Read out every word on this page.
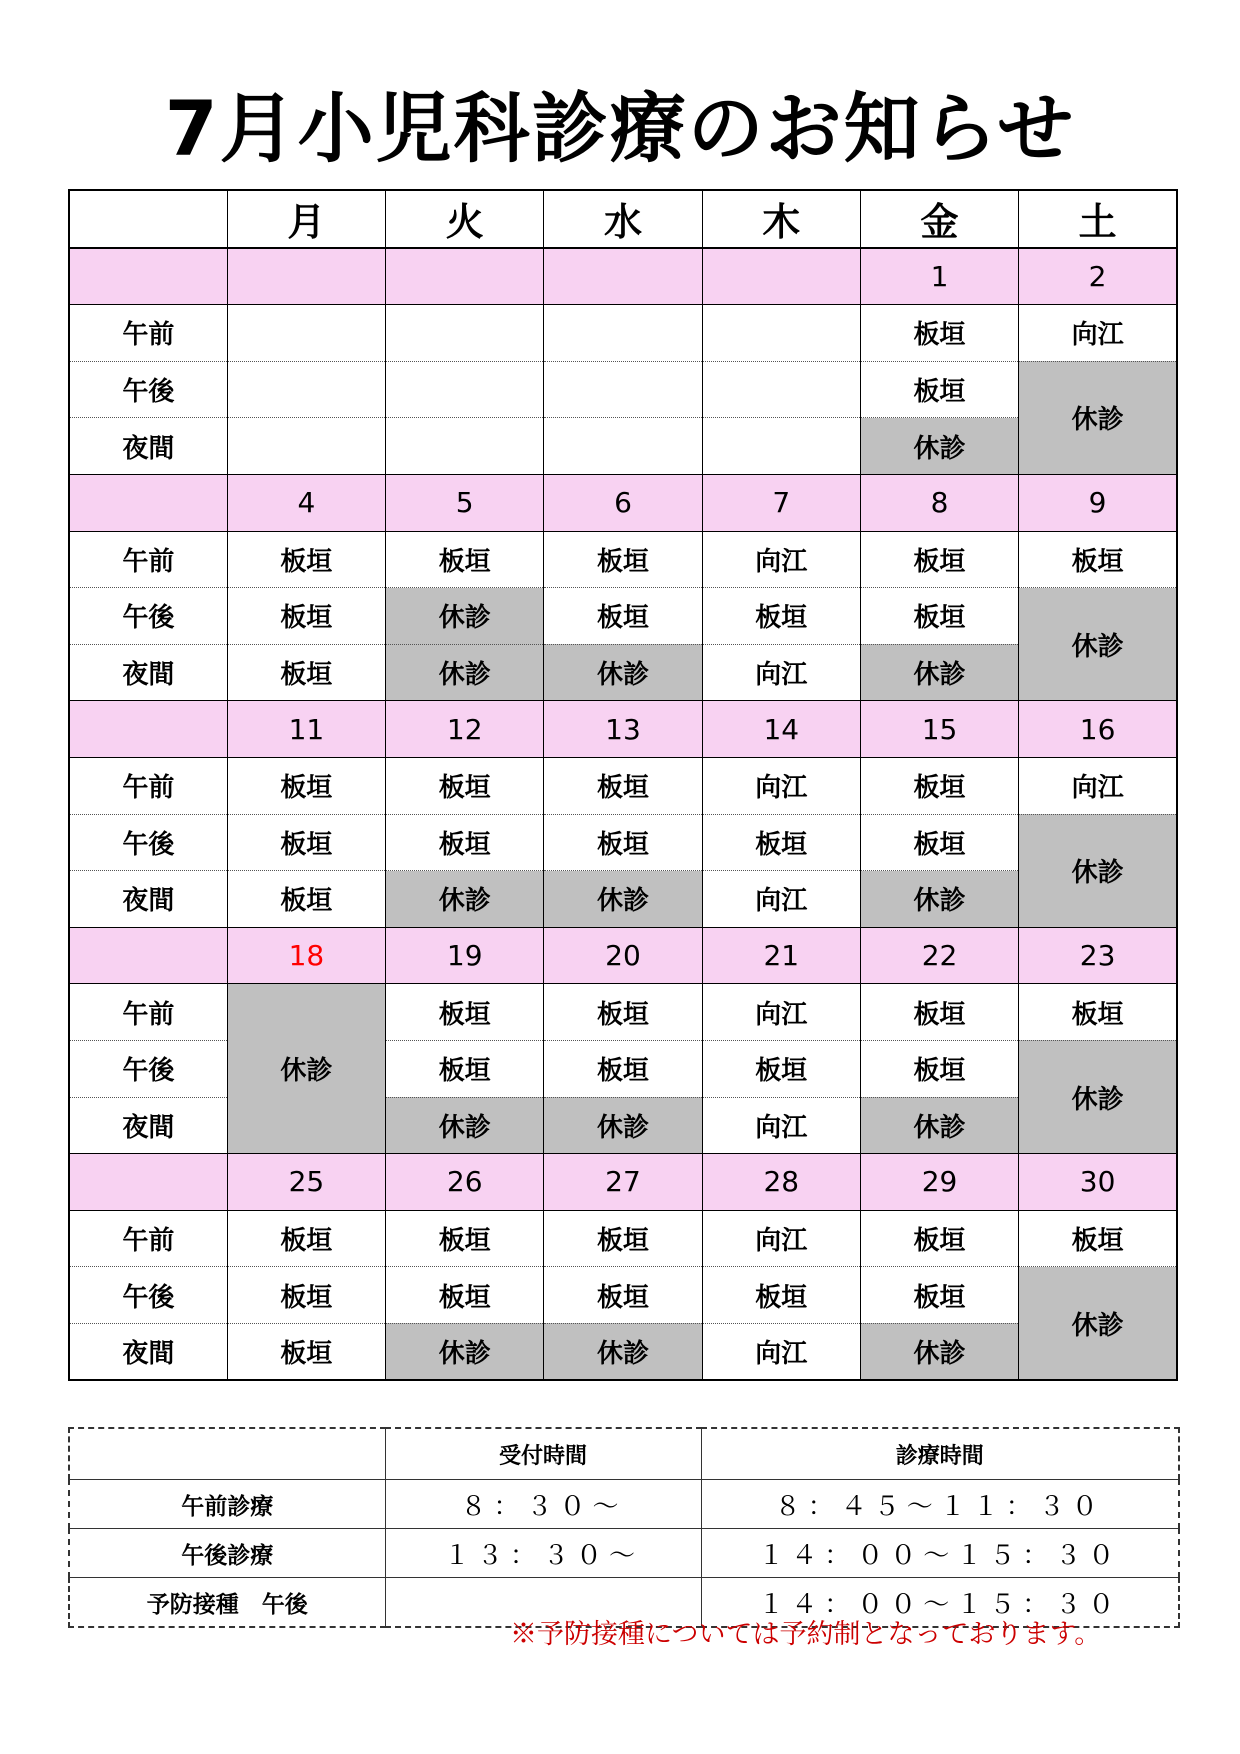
7月小児科診療のお知らせ
	月	火	水	木	金	土
					1	2
午前					板垣	向江
午後					板垣	休診
夜間					休診	
	4	5	6	7	8	9
午前	板垣	板垣	板垣	向江	板垣	板垣
午後	板垣	休診	板垣	板垣	板垣	休診
夜間	板垣	休診	休診	向江	休診	
	11	12	13	14	15	16
午前	板垣	板垣	板垣	向江	板垣	向江
午後	板垣	板垣	板垣	板垣	板垣	休診
夜間	板垣	休診	休診	向江	休診	
	18	19	20	21	22	23
午前	休診	板垣	板垣	向江	板垣	板垣
午後		板垣	板垣	板垣	板垣	休診
夜間		休診	休診	向江	休診	
	25	26	27	28	29	30
午前	板垣	板垣	板垣	向江	板垣	板垣
午後	板垣	板垣	板垣	板垣	板垣	休診
夜間	板垣	休診	休診	向江	休診	
	受付時間	診療時間
午前診療	８：３０～	８：４５～１１：３０
午後診療	１３：３０～	１４：００～１５：３０
予防接種　午後		１４：００～１５：３０
※予防接種については予約制となっております。
